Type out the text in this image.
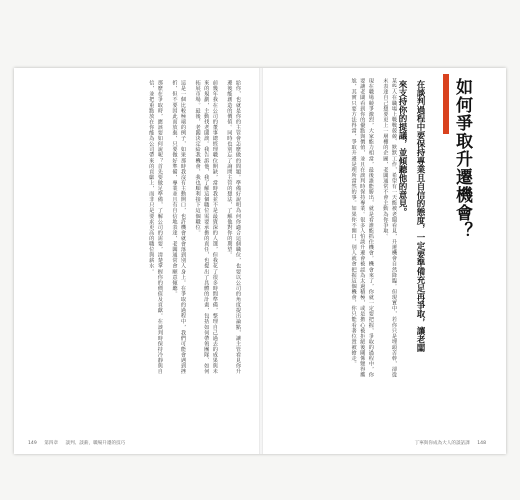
如何爭取升遷機會？
在談判過程中要保持專業且自信的態度，一定要準備充足再爭取，讓老闆
來支持你的提議，並傾聽他的意見。
某些人在職場上戰戰兢兢、默默工作，希望有一天能被老闆看見，升遷機會自然降臨。但現實中，若你只是埋頭苦幹，卻從未表達自己想要更上一層樓的企圖，老闆通常不會主動為你爭取。
現在職場競爭激烈，大家能力相當，最後誰能勝出，就是看誰能抓住機會。機會來了，你就一定要把握，爭取的過程中，你要讓老闆看到你的優點與價值，並且在談判時保持專業。很多人怕談升遷會被認為太過積極，或是擔心被拒絕後關係變得尷尬，其實只要方法得當，爭取升遷是理所當然的事。如果你不開口，別人就會把握這個機會，你只能看著位置被搶走。
給你，也就是你的主管會怎麼做的問題。準備好說明為何你適合這個職位，也要以公司的角度提出論點，讓主管看見你升遷後能創造的價值。同時也別忘了詢問主管的想法，了解他對你的期望。
前幾年我在公司的董事總經理職位開缺，當時我並不是最資深的人選，但我花了很多時間準備，整理自己過去的成果與未來的規劃，主動找老闆談。我告訴他，我了解這個職位需要承擔的責任，也提出了具體的計畫，包括如何帶領團隊、如何拓展市場。最後，老闆決定給我機會，我也順利接下這個職位。
這是一個比較極端的例子，如果那時我沒有主動開口，也許機會就會落到別人身上。在爭取的過程中，我們可能會遇到挫折，但不要因此而放棄，只要做好準備，專業並且有自信地表達，老闆通常會願意傾聽。
那麼在爭取時，應該要如何說呢？首先要做足準備，了解公司的需要，清楚掌握你的價值及貢獻。在談判時保持冷靜與自信，並把重點放在你能為公司帶來的貢獻上，而非只是要求更高的職位與薪水。
149 第四章 談判、談薪，職場升遷的技巧	丁寧與你成為大人的談話課 148
